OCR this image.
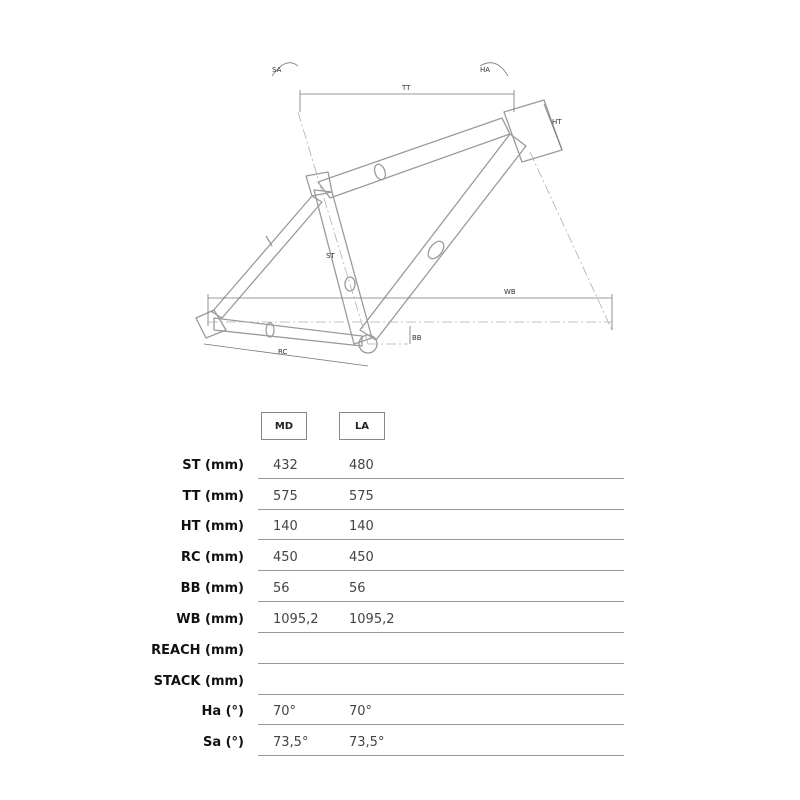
SA	HA
TT
HT
ST
WB
BB
RC
MD	LA
ST (mm) 432	480
TT (mm) 575	575
HT (mm) 140	140
RC (mm) 450	450
BB (mm) 56	56
WB (mm) 1095,2 1095,2
REACH (mm)
STACK (mm)
Ha (°) 70°	70°
Sa (°) 73,5°	73,5°
